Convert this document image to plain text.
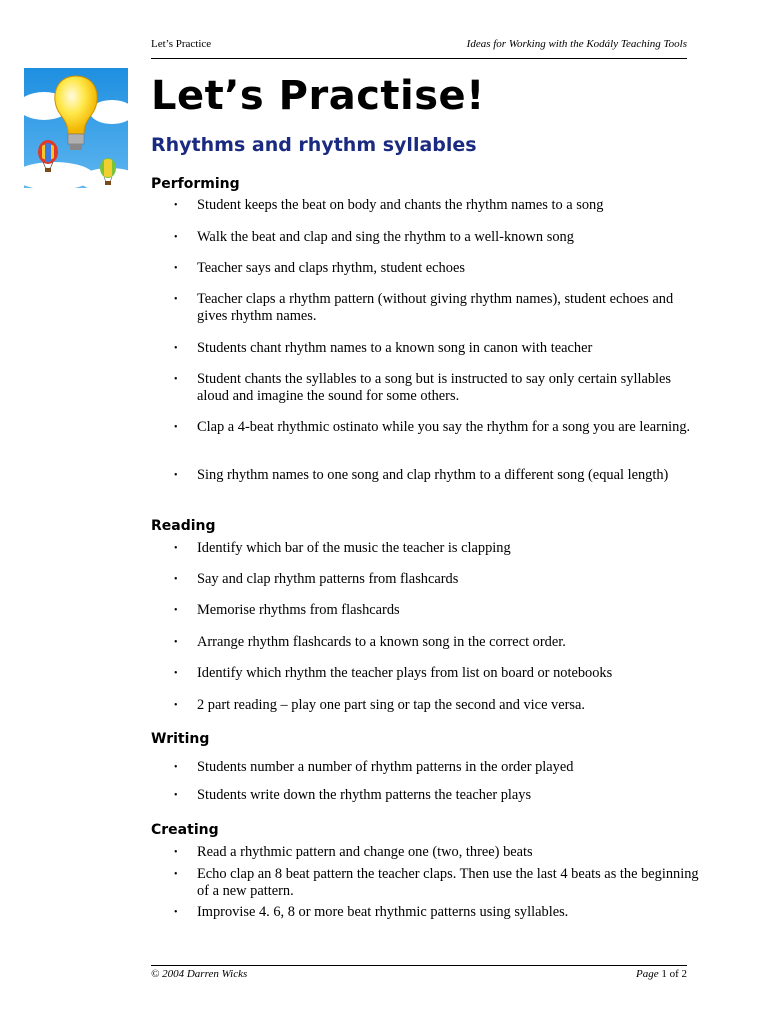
Let’s Practice	Ideas for Working with the Kodály Teaching Tools
Let’s Practise!
Rhythms and rhythm syllables
Performing
•	Student keeps the beat on body and chants the rhythm names to a song
•	Walk the beat and clap and sing the rhythm to a well-known song
•	Teacher says and claps rhythm, student echoes
•	Teacher claps a rhythm pattern (without giving rhythm names), student echoes and gives rhythm names.
•	Students chant rhythm names to a known song in canon with teacher
•	Student chants the syllables to a song but is instructed to say only certain syllables aloud and imagine the sound for some others.
•	Clap a 4-beat rhythmic ostinato while you say the rhythm for a song you are learning.
•	Sing rhythm names to one song and clap rhythm to a different song (equal length)
Reading
•	Identify which bar of the music the teacher is clapping
•	Say and clap rhythm patterns from flashcards
•	Memorise rhythms from flashcards
•	Arrange rhythm flashcards to a known song in the correct order.
•	Identify which rhythm the teacher plays from list on board or notebooks
•	2 part reading – play one part sing or tap the second and vice versa.
Writing
•	Students number a number of rhythm patterns in the order played
•	Students write down the rhythm patterns the teacher plays
Creating
•	Read a rhythmic pattern and change one (two, three) beats
•	Echo clap an 8 beat pattern the teacher claps. Then use the last 4 beats as the beginning of a new pattern.
•	Improvise 4. 6, 8 or more beat rhythmic patterns using syllables.
© 2004 Darren Wicks	Page 1 of 2
